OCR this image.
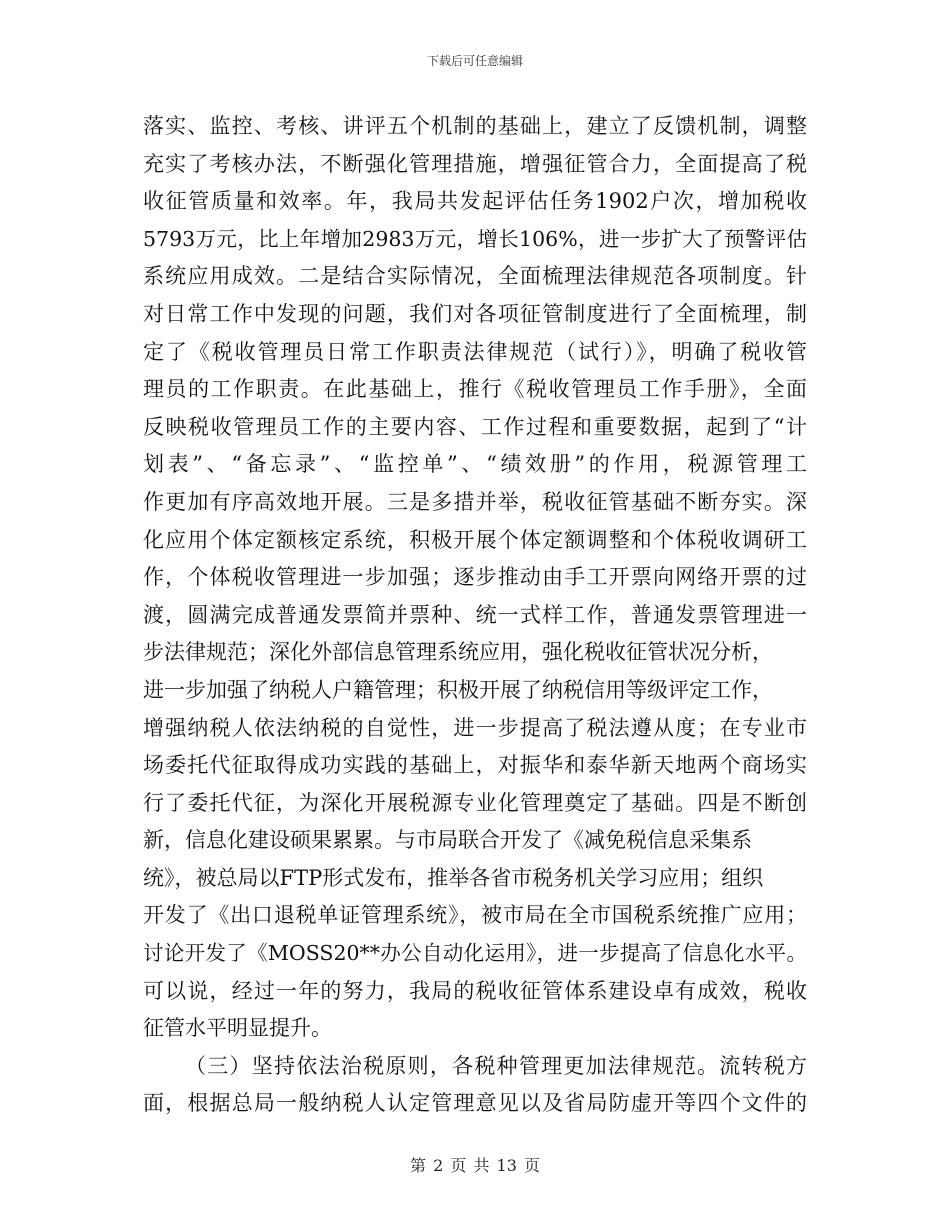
下载后可任意编辑
落实、监控、考核、讲评五个机制的基础上，建立了反馈机制，调整
充实了考核办法，不断强化管理措施，增强征管合力，全面提高了税
收征管质量和效率。年，我局共发起评估任务1902户次，增加税收
5793万元，比上年增加2983万元，增长106%，进一步扩大了预警评估
系统应用成效。二是结合实际情况，全面梳理法律规范各项制度。针
对日常工作中发现的问题，我们对各项征管制度进行了全面梳理，制
定了《税收管理员日常工作职责法律规范（试行）》，明确了税收管
理员的工作职责。在此基础上，推行《税收管理员工作手册》，全面
反映税收管理员工作的主要内容、工作过程和重要数据，起到了“计
划表”、“备忘录”、“监控单”、“绩效册”的作用，税源管理工
作更加有序高效地开展。三是多措并举，税收征管基础不断夯实。深
化应用个体定额核定系统，积极开展个体定额调整和个体税收调研工
作，个体税收管理进一步加强；逐步推动由手工开票向网络开票的过
渡，圆满完成普通发票简并票种、统一式样工作，普通发票管理进一
步法律规范；深化外部信息管理系统应用，强化税收征管状况分析，
进一步加强了纳税人户籍管理；积极开展了纳税信用等级评定工作，
增强纳税人依法纳税的自觉性，进一步提高了税法遵从度；在专业市
场委托代征取得成功实践的基础上，对振华和泰华新天地两个商场实
行了委托代征，为深化开展税源专业化管理奠定了基础。四是不断创
新，信息化建设硕果累累。与市局联合开发了《减免税信息采集系
统》，被总局以FTP形式发布，推举各省市税务机关学习应用；组织
开发了《出口退税单证管理系统》，被市局在全市国税系统推广应用；
讨论开发了《MOSS20**办公自动化运用》，进一步提高了信息化水平。
可以说，经过一年的努力，我局的税收征管体系建设卓有成效，税收
征管水平明显提升。
（三）坚持依法治税原则，各税种管理更加法律规范。流转税方
面，根据总局一般纳税人认定管理意见以及省局防虚开等四个文件的
第 2 页 共 13 页
